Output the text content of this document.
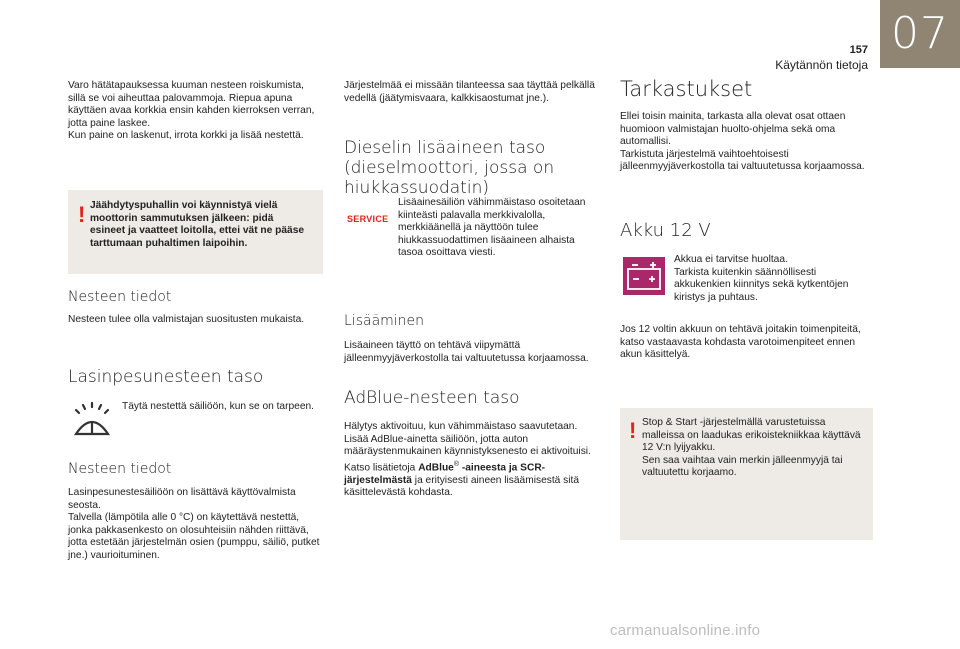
07
157
Käytännön tietoja
Varo hätätapauksessa kuuman nesteen roiskumista, sillä se voi aiheuttaa palovammoja. Riepua apuna käyttäen avaa korkkia ensin kahden kierroksen verran, jotta paine laskee.
Kun paine on laskenut, irrota korkki ja lisää nestettä.
! Jäähdytyspuhallin voi käynnistyä vielä moottorin sammutuksen jälkeen: pidä esineet ja vaatteet loitolla, ettei vät ne pääse tarttumaan puhaltimen laipoihin.
Nesteen tiedot
Nesteen tulee olla valmistajan suositusten mukaista.
Lasinpesunesteen taso
Täytä nestettä säiliöön, kun se on tarpeen.
Nesteen tiedot
Lasinpesunestesäiliöön on lisättävä käyttövalmista seosta.
Talvella (lämpötila alle 0 °C) on käytettävä nestettä, jonka pakkasenkesto on olosuhteisiin nähden riittävä, jotta estetään järjestelmän osien (pumppu, säiliö, putket jne.) vaurioituminen.
Järjestelmää ei missään tilanteessa saa täyttää pelkällä vedellä (jäätymisvaara, kalkkisaostumat jne.).
Dieselin lisäaineen taso
(dieselmoottori, jossa on
hiukkassuodatin)
SERVICE
Lisäainesäiliön vähimmäistaso osoitetaan kiinteästi palavalla merkkivalolla, merkkiäänellä ja näyttöön tulee hiukkassuodattimen lisäaineen alhaista tasoa osoittava viesti.
Lisääminen
Lisäaineen täyttö on tehtävä viipymättä jälleenmyyjäverkostolla tai valtuutetussa korjaamossa.
AdBlue-nesteen taso
Hälytys aktivoituu, kun vähimmäistaso saavutetaan. Lisää AdBlue-ainetta säiliöön, jotta auton määräystenmukainen käynnistyksenesto ei aktivoituisi. Katso lisätietoja AdBlue® -aineesta ja SCR-järjestelmästä ja erityisesti aineen lisäämisestä sitä käsittelevästä kohdasta.
Tarkastukset
Ellei toisin mainita, tarkasta alla olevat osat ottaen huomioon valmistajan huolto-ohjelma sekä oma automallisi.
Tarkistuta järjestelmä vaihtoehtoisesti jälleenmyyjäverkostolla tai valtuutetussa korjaamossa.
Akku 12 V
Akkua ei tarvitse huoltaa.
Tarkista kuitenkin säännöllisesti akkukenkien kiinnitys sekä kytkentöjen kiristys ja puhtaus.
Jos 12 voltin akkuun on tehtävä joitakin toimenpiteitä, katso vastaavasta kohdasta varotoimenpiteet ennen akun käsittelyä.
! Stop & Start -järjestelmällä varustetuissa malleissa on laadukas erikoistekniikkaa käyttävä 12 V:n lyijyakku.
Sen saa vaihtaa vain merkin jälleenmyyjä tai valtuutettu korjaamo.
carmanualsonline.info
